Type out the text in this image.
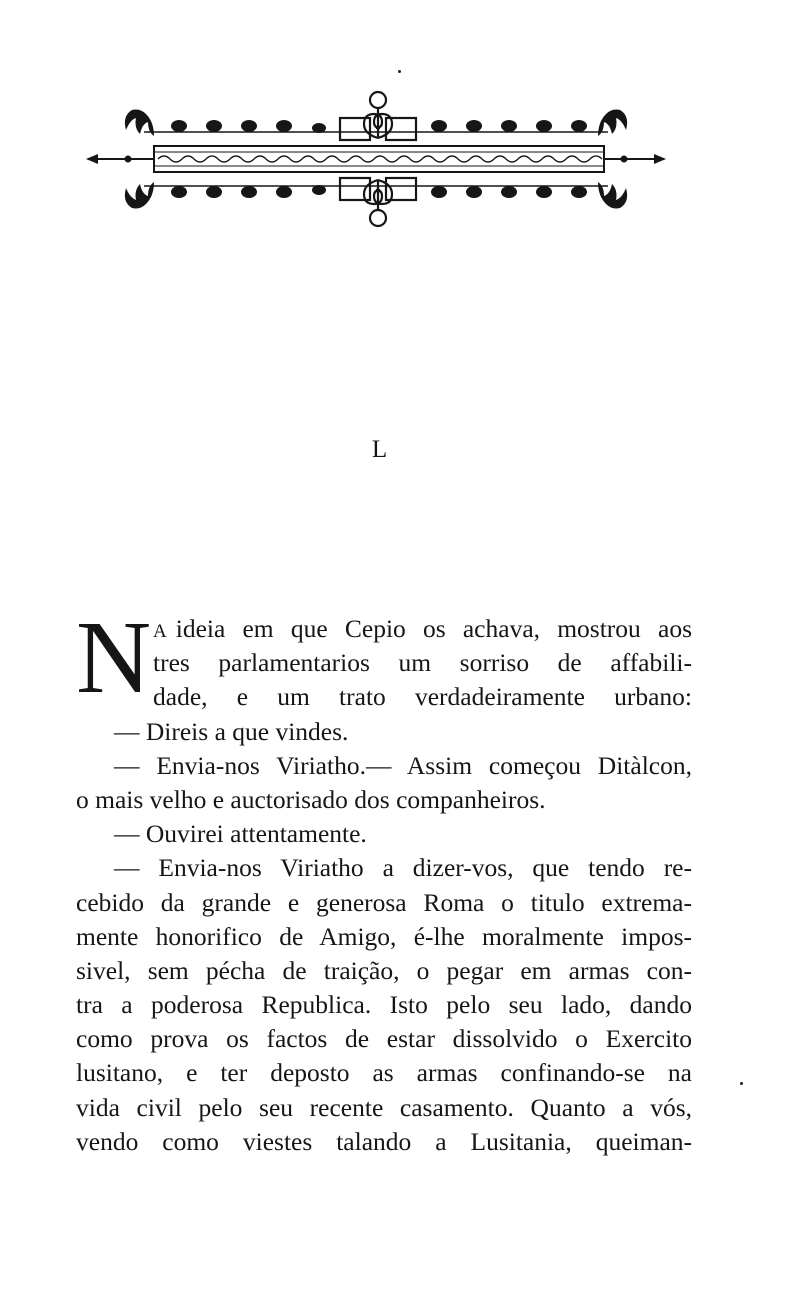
L
N A ideia em que Cepio os achava, mostrou aos
tres parlamentarios um sorriso de affabili-
dade, e um trato verdadeiramente urbano:
— Direis a que vindes.
— Envia-nos Viriatho.— Assim começou Ditàlcon,
o mais velho e auctorisado dos companheiros.
— Ouvirei attentamente.
— Envia-nos Viriatho a dizer-vos, que tendo re-
cebido da grande e generosa Roma o titulo extrema-
mente honorifico de Amigo, é-lhe moralmente impos-
sivel, sem pécha de traição, o pegar em armas con-
tra a poderosa Republica. Isto pelo seu lado, dando
como prova os factos de estar dissolvido o Exercito
lusitano, e ter deposto as armas confinando-se na
vida civil pelo seu recente casamento. Quanto a vós,
vendo como viestes talando a Lusitania, queiman-
